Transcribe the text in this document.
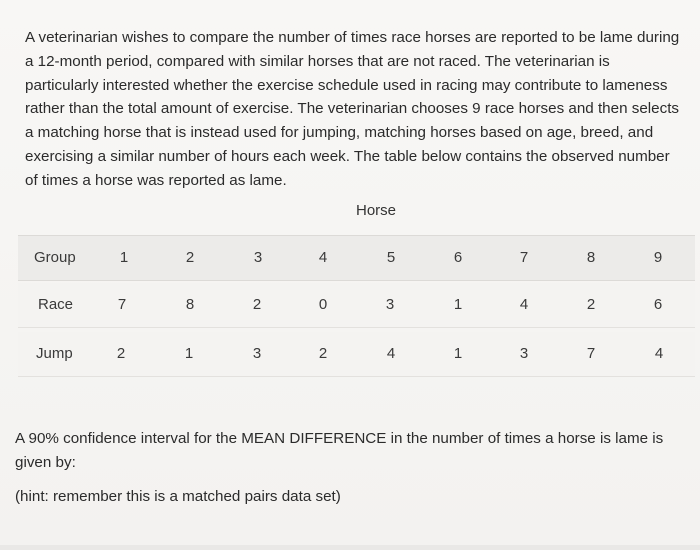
A veterinarian wishes to compare the number of times race horses are reported to be lame during
a 12-month period, compared with similar horses that are not raced. The veterinarian is
particularly interested whether the exercise schedule used in racing may contribute to lameness
rather than the total amount of exercise. The veterinarian chooses 9 race horses and then selects
a matching horse that is instead used for jumping, matching horses based on age, breed, and
exercising a similar number of hours each week. The table below contains the observed number
of times a horse was reported as lame.
Horse
Group	1	2	3	4	5	6	7	8	9
Race	7	8	2	0	3	1	4	2	6
Jump	2	1	3	2	4	1	3	7	4
A 90% confidence interval for the MEAN DIFFERENCE in the number of times a horse is lame is
given by:
(hint: remember this is a matched pairs data set)
